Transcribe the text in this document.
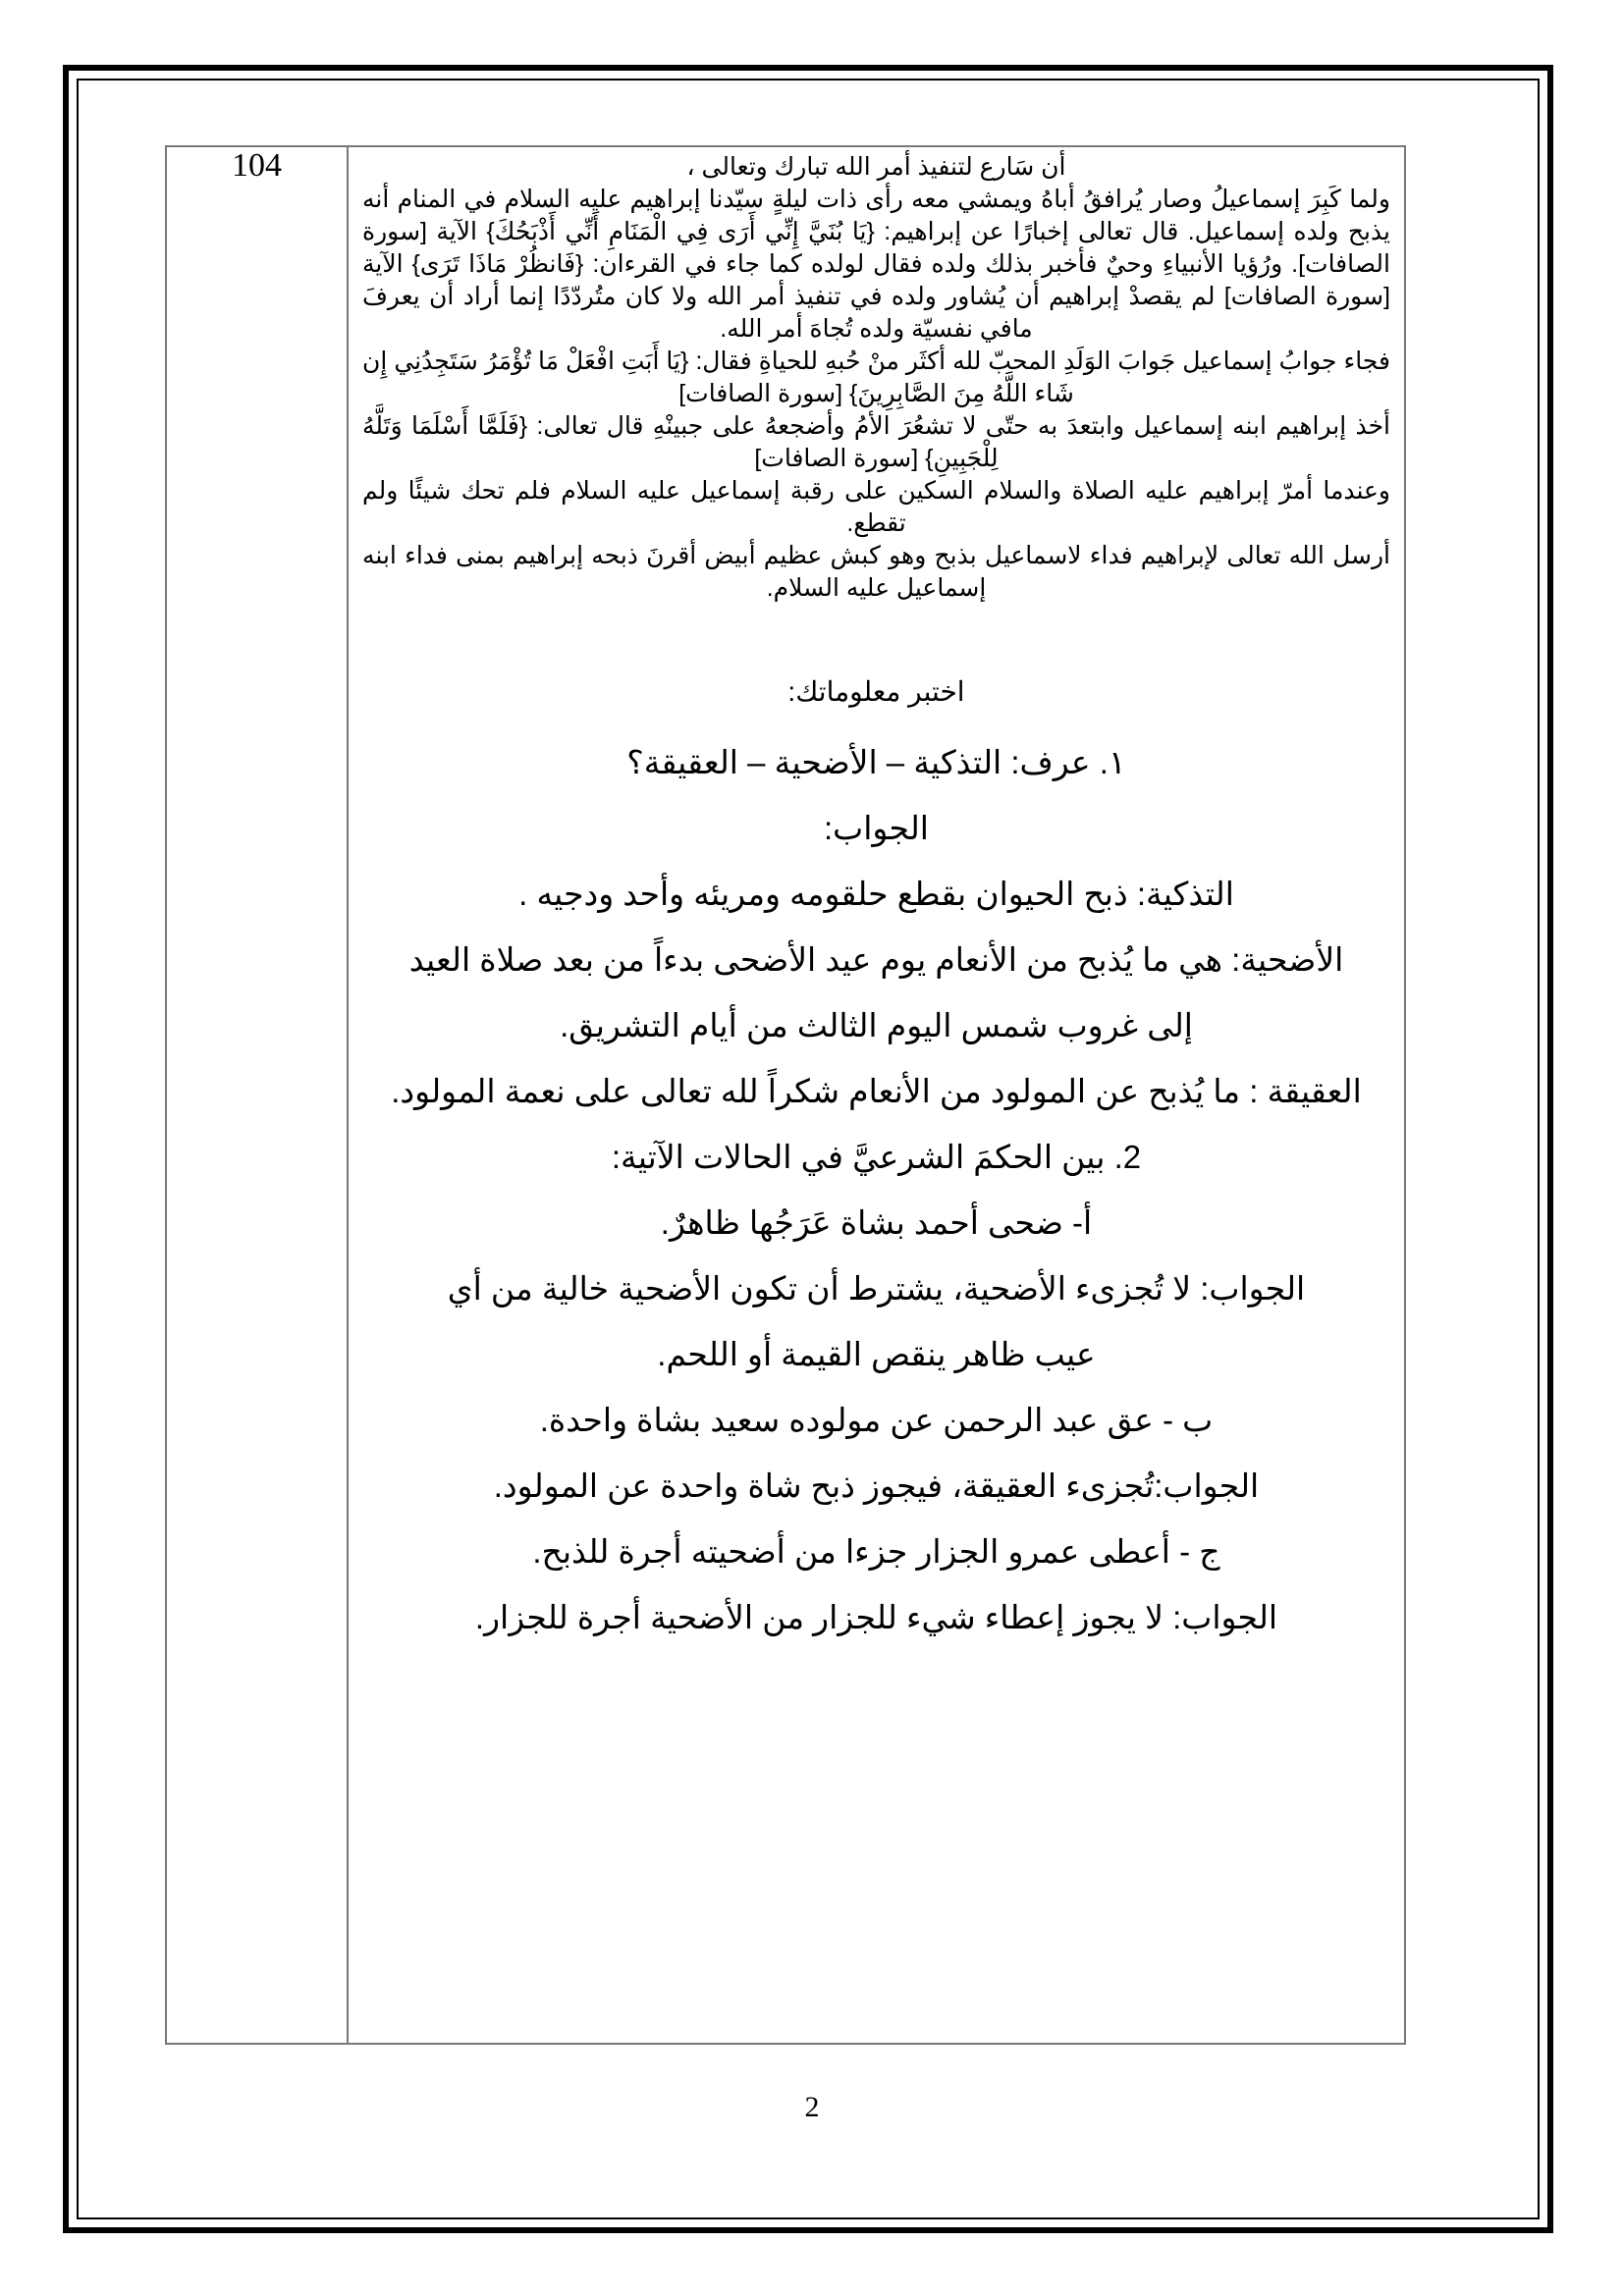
104	أن سَارع لتنفيذ أمر الله تبارك وتعالى ،

ولما كَبِرَ إسماعيلُ وصار يُرافقُ أباهُ ويمشي معه رأى ذات ليلةٍ سيّدنا إبراهيم عليه السلام في المنام أنه يذبح ولده إسماعيل. قال تعالى إخبارًا عن إبراهيم: {يَا بُنَيَّ إِنِّي أَرَى فِي الْمَنَامِ أَنِّي أَذْبَحُكَ} الآية [سورة الصافات]. ورُؤيا الأنبياءِ وحيٌ فأخبر بذلك ولده فقال لولده كما جاء في القرءان: {فَانظُرْ مَاذَا تَرَى} الآية [سورة الصافات] لم يقصدْ إبراهيم أن يُشاور ولده في تنفيذ أمر الله ولا كان متُردّدًا إنما أراد أن يعرفَ مافي نفسيّة ولده تُجاهَ أمر الله.

فجاء جوابُ إسماعيل جَوابَ الوَلَدِ المحبّ لله أكثَر منْ حُبهِ للحياةِ فقال: {يَا أَبَتِ افْعَلْ مَا تُؤْمَرُ سَتَجِدُنِي إِن شَاء اللَّهُ مِنَ الصَّابِرِينَ} [سورة الصافات]

أخذ إبراهيم ابنه إسماعيل وابتعدَ به حتّى لا تشعُرَ الأمُ وأضجعهُ على جبينْهِ قال تعالى: {فَلَمَّا أَسْلَمَا وَتَلَّهُ لِلْجَبِينِ} [سورة الصافات]

وعندما أمرّ إبراهيم عليه الصلاة والسلام السكين على رقبة إسماعيل عليه السلام فلم تحك شيئًا ولم تقطع.

أرسل الله تعالى لإبراهيم فداء لاسماعيل بذبح وهو كبش عظيم أبيض أقرنَ ذبحه إبراهيم بمنى فداء ابنه إسماعيل عليه السلام.

اختبر معلوماتك:

١. عرف: التذكية – الأضحية – العقيقة؟

الجواب:

التذكية: ذبح الحيوان بقطع حلقومه ومريئه وأحد ودجيه .

الأضحية: هي ما يُذبح من الأنعام يوم عيد الأضحى بدءاً من بعد صلاة العيد

إلى غروب شمس اليوم الثالث من أيام التشريق.

العقيقة : ما يُذبح عن المولود من الأنعام شكراً لله تعالى على نعمة المولود.

2. بين الحكمَ الشرعيَّ في الحالات الآتية:

أ- ضحى أحمد بشاة عَرَجُها ظاهرٌ.

الجواب: لا تُجزىء الأضحية، يشترط أن تكون الأضحية خالية من أي

عيب ظاهر ينقص القيمة أو اللحم.

ب - عق عبد الرحمن عن مولوده سعيد بشاة واحدة.

الجواب:تُجزىء العقيقة، فيجوز ذبح شاة واحدة عن المولود.

ج - أعطى عمرو الجزار جزءا من أضحيته أجرة للذبح.

الجواب: لا يجوز إعطاء شيء للجزار من الأضحية أجرة للجزار.

2
